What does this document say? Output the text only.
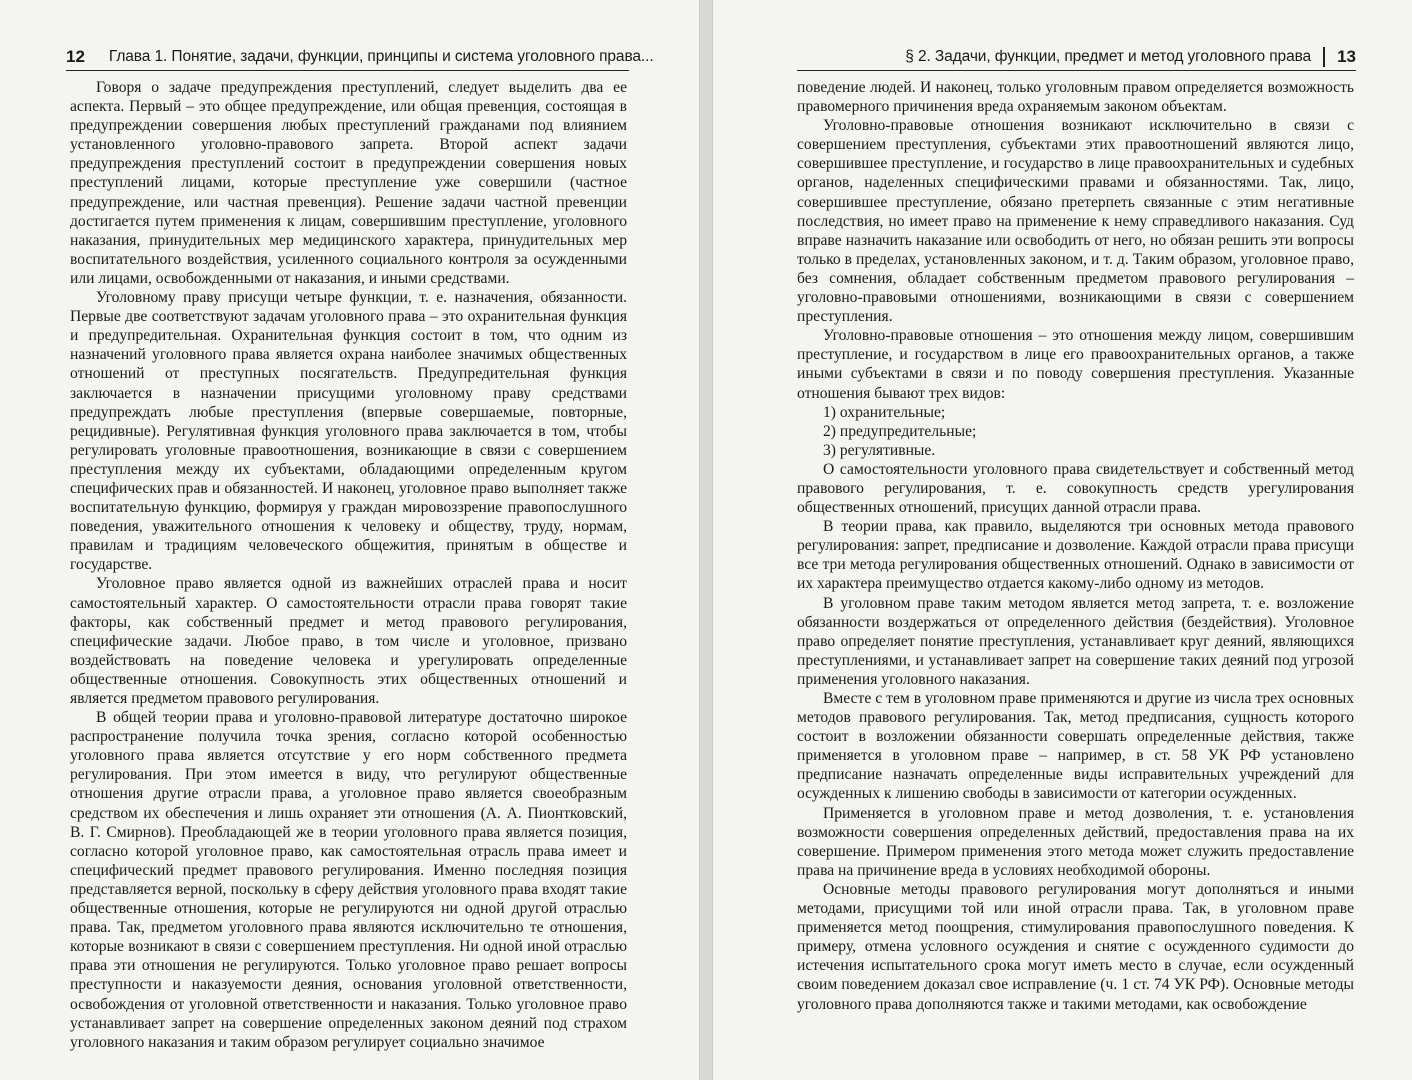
12 Глава 1. Понятие, задачи, функции, принципы и система уголовного права...

Говоря о задаче предупреждения преступлений, следует выделить два ее аспекта. Первый – это общее предупреждение, или общая превенция, состоящая в предупреждении совершения любых преступлений гражданами под влиянием установленного уголовно-правового запрета. Второй аспект задачи предупреждения преступлений состоит в предупреждении совершения новых преступлений лицами, которые преступление уже совершили (частное предупреждение, или частная превенция). Решение задачи частной превенции достигается путем применения к лицам, совершившим преступление, уголовного наказания, принудительных мер медицинского характера, принудительных мер воспитательного воздействия, усиленного социального контроля за осужденными или лицами, освобожденными от наказания, и иными средствами.

Уголовному праву присущи четыре функции, т. е. назначения, обязанности. Первые две соответствуют задачам уголовного права – это охранительная функция и предупредительная. Охранительная функция состоит в том, что одним из назначений уголовного права является охрана наиболее значимых общественных отношений от преступных посягательств. Предупредительная функция заключается в назначении присущими уголовному праву средствами предупреждать любые преступления (впервые совершаемые, повторные, рецидивные). Регулятивная функция уголовного права заключается в том, чтобы регулировать уголовные правоотношения, возникающие в связи с совершением преступления между их субъектами, обладающими определенным кругом специфических прав и обязанностей. И наконец, уголовное право выполняет также воспитательную функцию, формируя у граждан мировоззрение правопослушного поведения, уважительного отношения к человеку и обществу, труду, нормам, правилам и традициям человеческого общежития, принятым в обществе и государстве.

Уголовное право является одной из важнейших отраслей права и носит самостоятельный характер. О самостоятельности отрасли права говорят такие факторы, как собственный предмет и метод правового регулирования, специфические задачи. Любое право, в том числе и уголовное, призвано воздействовать на поведение человека и урегулировать определенные общественные отношения. Совокупность этих общественных отношений и является предметом правового регулирования.

В общей теории права и уголовно-правовой литературе достаточно широкое распространение получила точка зрения, согласно которой особенностью уголовного права является отсутствие у его норм собственного предмета регулирования. При этом имеется в виду, что регулируют общественные отношения другие отрасли права, а уголовное право является своеобразным средством их обеспечения и лишь охраняет эти отношения (А. А. Пионтковский, В. Г. Смирнов). Преобладающей же в теории уголовного права является позиция, согласно которой уголовное право, как самостоятельная отрасль права имеет и специфический предмет правового регулирования. Именно последняя позиция представляется верной, поскольку в сферу действия уголовного права входят такие общественные отношения, которые не регулируются ни одной другой отраслью права. Так, предметом уголовного права являются исключительно те отношения, которые возникают в связи с совершением преступления. Ни одной иной отраслью права эти отношения не регулируются. Только уголовное право решает вопросы преступности и наказуемости деяния, основания уголовной ответственности, освобождения от уголовной ответственности и наказания. Только уголовное право устанавливает запрет на совершение определенных законом деяний под страхом уголовного наказания и таким образом регулирует социально значимое

§ 2. Задачи, функции, предмет и метод уголовного права 13

поведение людей. И наконец, только уголовным правом определяется возможность правомерного причинения вреда охраняемым законом объектам.

Уголовно-правовые отношения возникают исключительно в связи с совершением преступления, субъектами этих правоотношений являются лицо, совершившее преступление, и государство в лице правоохранительных и судебных органов, наделенных специфическими правами и обязанностями. Так, лицо, совершившее преступление, обязано претерпеть связанные с этим негативные последствия, но имеет право на применение к нему справедливого наказания. Суд вправе назначить наказание или освободить от него, но обязан решить эти вопросы только в пределах, установленных законом, и т. д. Таким образом, уголовное право, без сомнения, обладает собственным предметом правового регулирования – уголовно-правовыми отношениями, возникающими в связи с совершением преступления.

Уголовно-правовые отношения – это отношения между лицом, совершившим преступление, и государством в лице его правоохранительных органов, а также иными субъектами в связи и по поводу совершения преступления. Указанные отношения бывают трех видов:

1) охранительные;
2) предупредительные;
3) регулятивные.

О самостоятельности уголовного права свидетельствует и собственный метод правового регулирования, т. е. совокупность средств урегулирования общественных отношений, присущих данной отрасли права.

В теории права, как правило, выделяются три основных метода правового регулирования: запрет, предписание и дозволение. Каждой отрасли права присущи все три метода регулирования общественных отношений. Однако в зависимости от их характера преимущество отдается какому-либо одному из методов.

В уголовном праве таким методом является метод запрета, т. е. возложение обязанности воздержаться от определенного действия (бездействия). Уголовное право определяет понятие преступления, устанавливает круг деяний, являющихся преступлениями, и устанавливает запрет на совершение таких деяний под угрозой применения уголовного наказания.

Вместе с тем в уголовном праве применяются и другие из числа трех основных методов правового регулирования. Так, метод предписания, сущность которого состоит в возложении обязанности совершать определенные действия, также применяется в уголовном праве – например, в ст. 58 УК РФ установлено предписание назначать определенные виды исправительных учреждений для осужденных к лишению свободы в зависимости от категории осужденных.

Применяется в уголовном праве и метод дозволения, т. е. установления возможности совершения определенных действий, предоставления права на их совершение. Примером применения этого метода может служить предоставление права на причинение вреда в условиях необходимой обороны.

Основные методы правового регулирования могут дополняться и иными методами, присущими той или иной отрасли права. Так, в уголовном праве применяется метод поощрения, стимулирования правопослушного поведения. К примеру, отмена условного осуждения и снятие с осужденного судимости до истечения испытательного срока могут иметь место в случае, если осужденный своим поведением доказал свое исправление (ч. 1 ст. 74 УК РФ). Основные методы уголовного права дополняются также и такими методами, как освобождение
